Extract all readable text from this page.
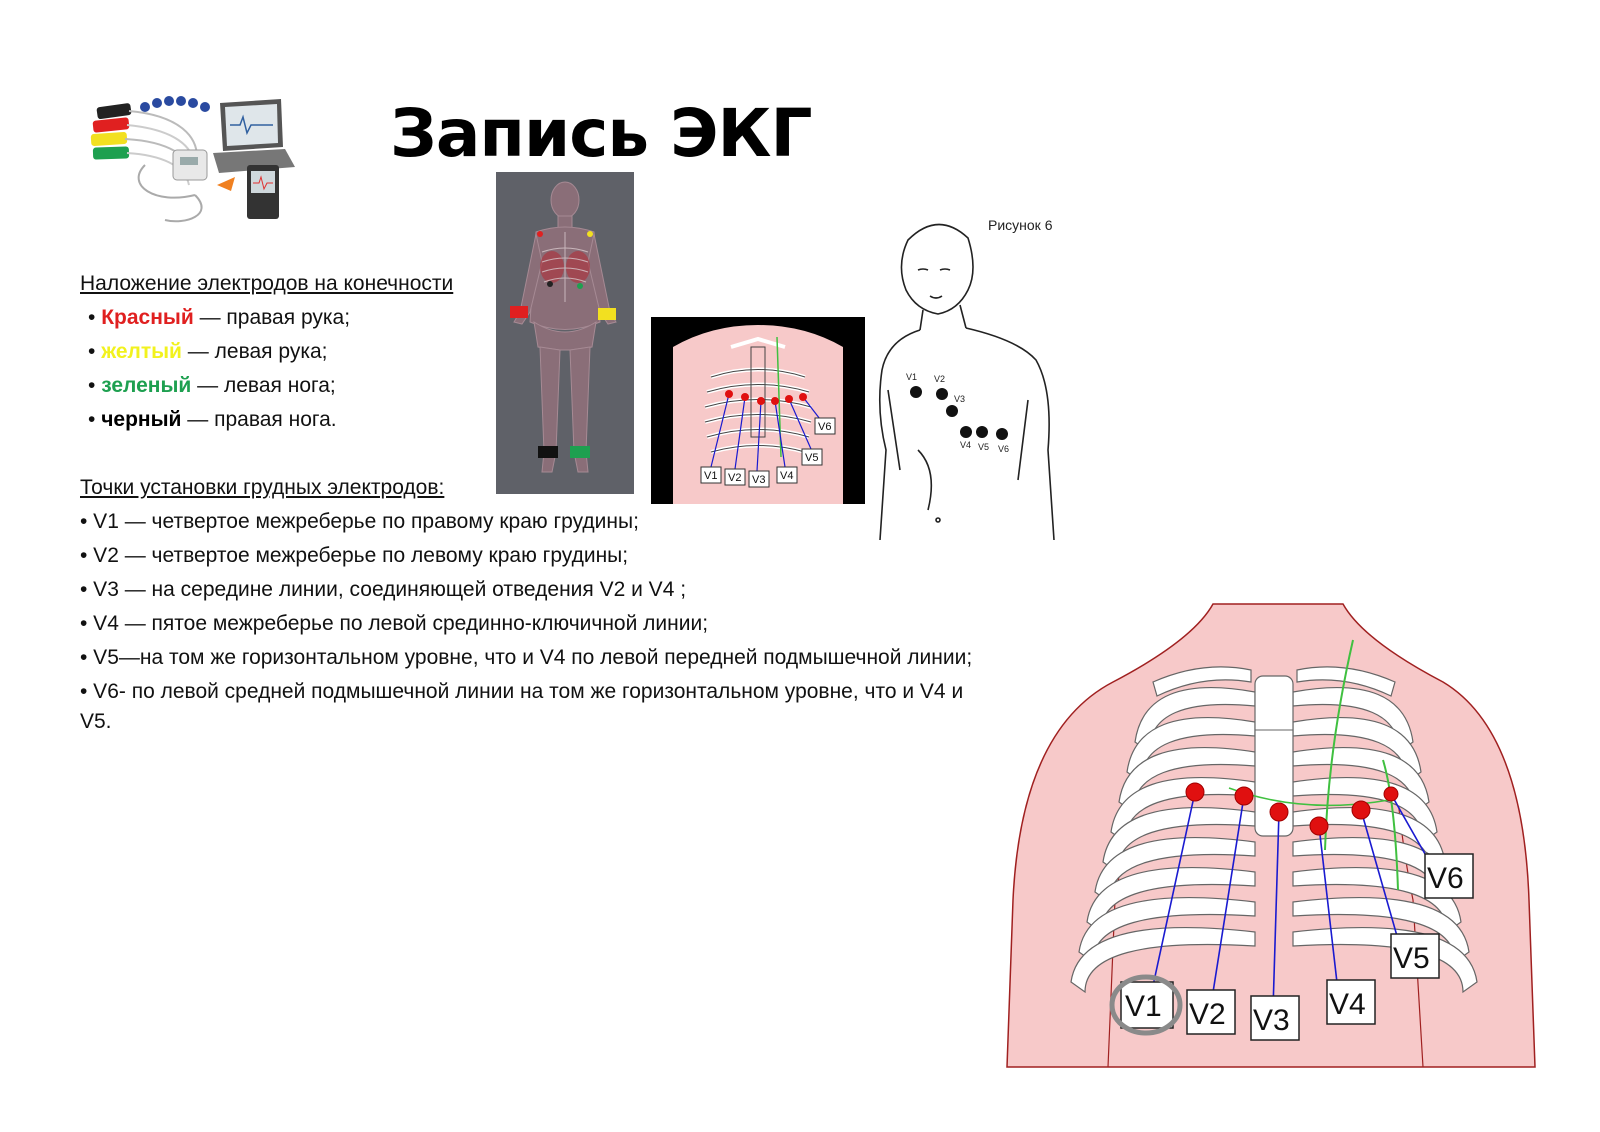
Запись ЭКГ
Наложение электродов на конечности
• Красный — правая рука;
• желтый — левая рука;
• зеленый — левая нога;
• черный — правая нога.
Точки установки грудных электродов:
• V1 — четвертое межреберье по правому краю грудины;
• V2 — четвертое межреберье по левому краю грудины;
• V3 — на середине линии, соединяющей отведения V2 и V4 ;
• V4 — пятое межреберье по левой срединно-ключичной линии;
• V5—на том же горизонтальном уровне, что и V4 по левой передней подмышечной линии;
• V6- по левой средней подмышечной линии на том же горизонтальном уровне, что и V4 и
V5.
V1 V2 V3 V4
V5
V6
Рисунок 6
V1 V2
V3
V4 V5 V6
V1 V2 V3 V4
V5
V6
